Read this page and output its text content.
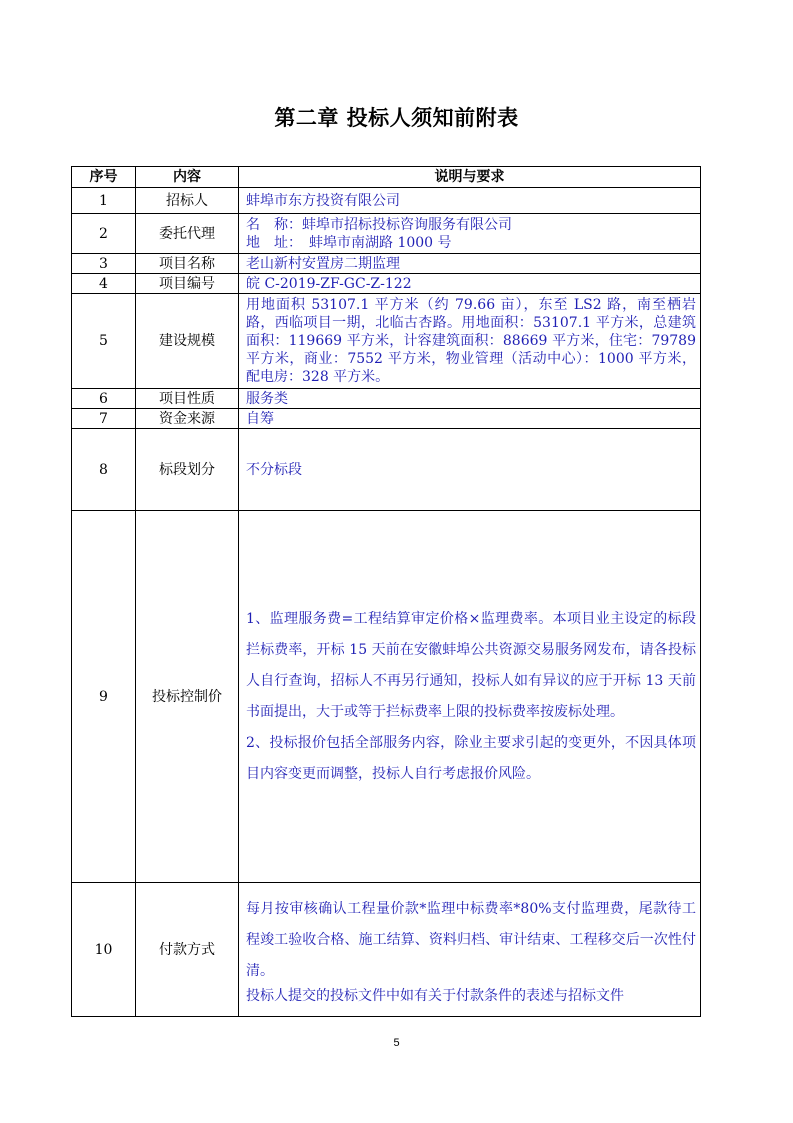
第二章 投标人须知前附表
序号	内容	说明与要求
1	招标人	蚌埠市东方投资有限公司

2	委托代理	名　称：蚌埠市招标投标咨询服务有限公司
地　址：　蚌埠市南湖路 1000 号

3	项目名称	老山新村安置房二期监理

4	项目编号	皖 C-2019-ZF-GC-Z-122

5	建设规模	用地面积 53107.1 平方米（约 79.66 亩），东至 LS2 路，南至栖岩路，西临项目一期，北临古杏路。用地面积：53107.1 平方米，总建筑面积：119669 平方米，计容建筑面积：88669 平方米，住宅：79789 平方米，商业：7552 平方米，物业管理（活动中心）：1000 平方米，配电房：328 平方米。

6	项目性质	服务类

7	资金来源	自筹

8	标段划分	不分标段

9	投标控制价	1、监理服务费=工程结算审定价格×监理费率。本项目业主设定的标段拦标费率，开标 15 天前在安徽蚌埠公共资源交易服务网发布，请各投标人自行查询，招标人不再另行通知，投标人如有异议的应于开标 13 天前书面提出，大于或等于拦标费率上限的投标费率按废标处理。
2、投标报价包括全部服务内容，除业主要求引起的变更外，不因具体项目内容变更而调整，投标人自行考虑报价风险。

10	付款方式	每月按审核确认工程量价款*监理中标费率*80%支付监理费，尾款待工程竣工验收合格、施工结算、资料归档、审计结束、工程移交后一次性付清。
投标人提交的投标文件中如有关于付款条件的表述与招标文件
5
